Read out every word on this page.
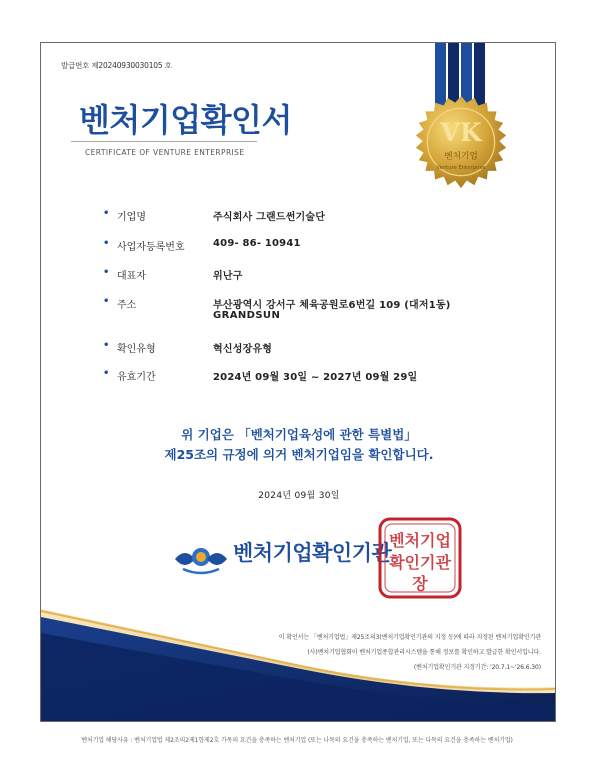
발급번호 제20240930030105 호
벤처기업확인서
CERTIFICATE OF VENTURE ENTERPRISE
VK
벤처기업
Venture Enterprise
• 기업명	주식회사 그랜드썬기술단
• 사업자등록번호	409- 86- 10941
• 대표자	위난구
• 주소	부산광역시 강서구 체육공원로6번길 109 (대저1동)
GRANDSUN
• 확인유형	혁신성장유형
• 유효기간	2024년 09월 30일 ~ 2027년 09월 29일
위 기업은 「벤처기업육성에 관한 특별법」
제25조의 규정에 의거 벤처기업임을 확인합니다.
2024년 09월 30일
벤처기업확인기관
벤처기업
확인기관
장
이 확인서는 「벤처기업법」제25조의3(벤처기업확인기관의 지정 등)에 따라 지정된 벤처기업확인기관
(사)벤처기업협회이 벤처기업종합관리시스템을 통해 정보를 확인하고 발급한 확인서입니다.
(벤처기업확인기관 지정기간: '20.7.1~'26.6.30)
벤처기업 해당사유 : 벤처기업법 제2조의2제1항제2호 가목의 요건을 충족하는 벤처기업 (또는 나목의 요건을 충족하는 벤처기업, 또는 다목의 요건을 충족하는 벤처기업)
